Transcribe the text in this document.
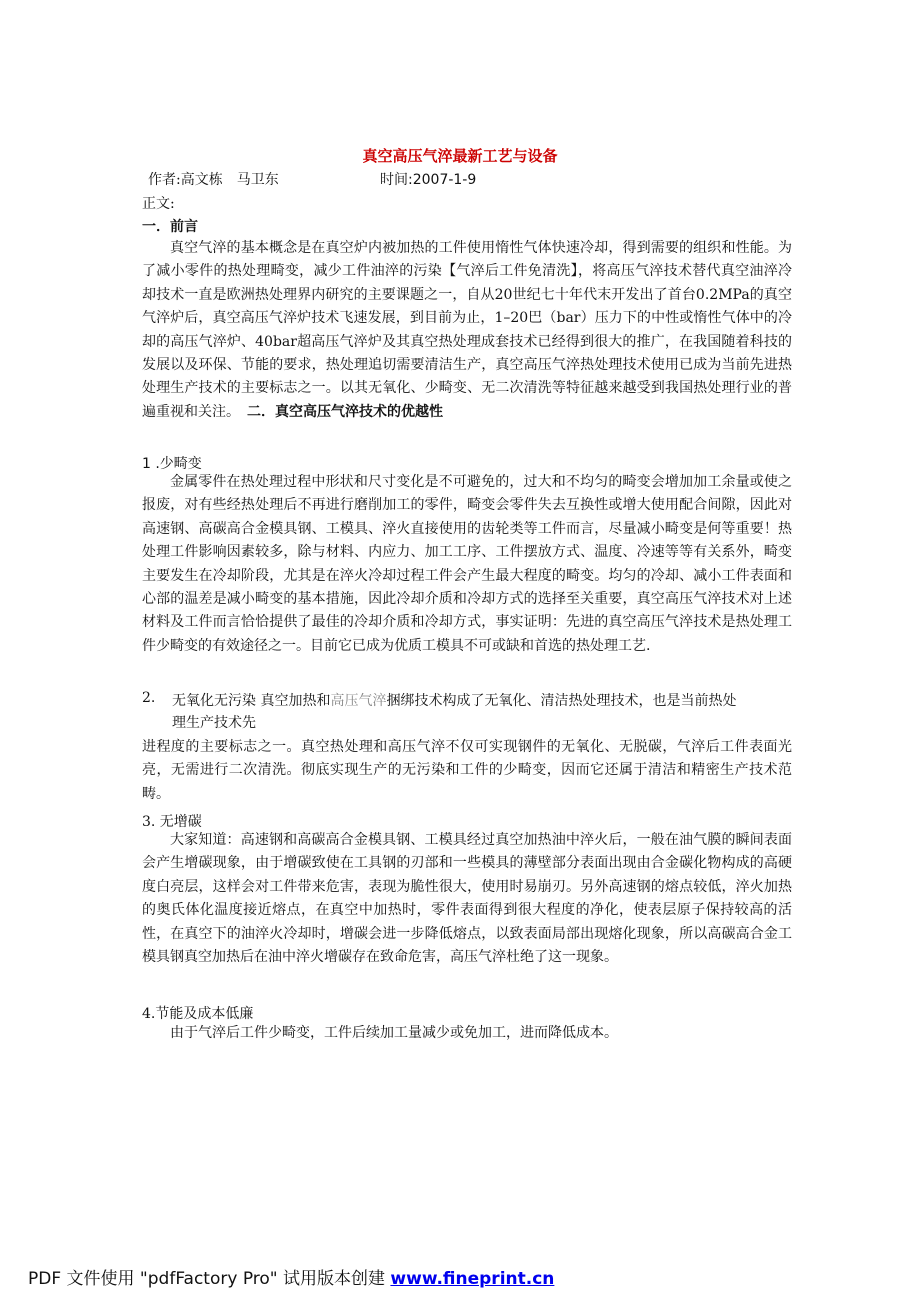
真空高压气淬最新工艺与设备
作者:高文栋　马卫东	时间:2007-1-9
正文:
一．前言

真空气淬的基本概念是在真空炉内被加热的工件使用惰性气体快速冷却，得到需要的组织和性能。为了减小零件的热处理畸变，减少工件油淬的污染【气淬后工件免清洗】，将高压气淬技术替代真空油淬冷却技术一直是欧洲热处理界内研究的主要课题之一，自从20世纪七十年代末开发出了首台0.2MPa的真空气淬炉后，真空高压气淬炉技术飞速发展，到目前为止，1–20巴（bar）压力下的中性或惰性气体中的冷却的高压气淬炉、40bar超高压气淬炉及其真空热处理成套技术已经得到很大的推广，在我国随着科技的发展以及环保、节能的要求，热处理追切需要清洁生产，真空高压气淬热处理技术使用已成为当前先进热处理生产技术的主要标志之一。以其无氧化、少畸变、无二次清洗等特征越来越受到我国热处理行业的普遍重视和关注。　 二．真空高压气淬技术的优越性

1 .少畸变

金属零件在热处理过程中形状和尺寸变化是不可避免的，过大和不均匀的畸变会增加加工余量或使之报废，对有些经热处理后不再进行磨削加工的零件，畸变会零件失去互换性或增大使用配合间隙，因此对高速钢、高碳高合金模具钢、工模具、淬火直接使用的齿轮类等工件而言，尽量减小畸变是何等重要！热处理工件影响因素较多，除与材料、内应力、加工工序、工件摆放方式、温度、冷速等等有关系外，畸变主要发生在冷却阶段，尤其是在淬火冷却过程工件会产生最大程度的畸变。均匀的冷却、减小工件表面和心部的温差是减小畸变的基本措施，因此冷却介质和冷却方式的选择至关重要，真空高压气淬技术对上述材料及工件而言恰恰提供了最佳的冷却介质和冷却方式，事实证明：先进的真空高压气淬技术是热处理工件少畸变的有效途径之一。目前它已成为优质工模具不可或缺和首选的热处理工艺.

2. 无氧化无污染 真空加热和高压气淬捆绑技术构成了无氧化、清洁热处理技术，也是当前热处
理生产技术先

进程度的主要标志之一。真空热处理和高压气淬不仅可实现钢件的无氧化、无脱碳，气淬后工件表面光亮，无需进行二次清洗。彻底实现生产的无污染和工件的少畸变，因而它还属于清洁和精密生产技术范畴。

3. 无增碳

大家知道：高速钢和高碳高合金模具钢、工模具经过真空加热油中淬火后，一般在油气膜的瞬间表面会产生增碳现象，由于增碳致使在工具钢的刃部和一些模具的薄壁部分表面出现由合金碳化物构成的高硬度白亮层，这样会对工件带来危害，表现为脆性很大，使用时易崩刃。另外高速钢的熔点较低，淬火加热的奥氏体化温度接近熔点，在真空中加热时，零件表面得到很大程度的净化，使表层原子保持较高的活性，在真空下的油淬火冷却时，增碳会进一步降低熔点，以致表面局部出现熔化现象，所以高碳高合金工模具钢真空加热后在油中淬火增碳存在致命危害，高压气淬杜绝了这一现象。

4.节能及成本低廉

由于气淬后工件少畸变，工件后续加工量减少或免加工，进而降低成本。

PDF 文件使用 "pdfFactory Pro" 试用版本创建 www.fineprint.cn
